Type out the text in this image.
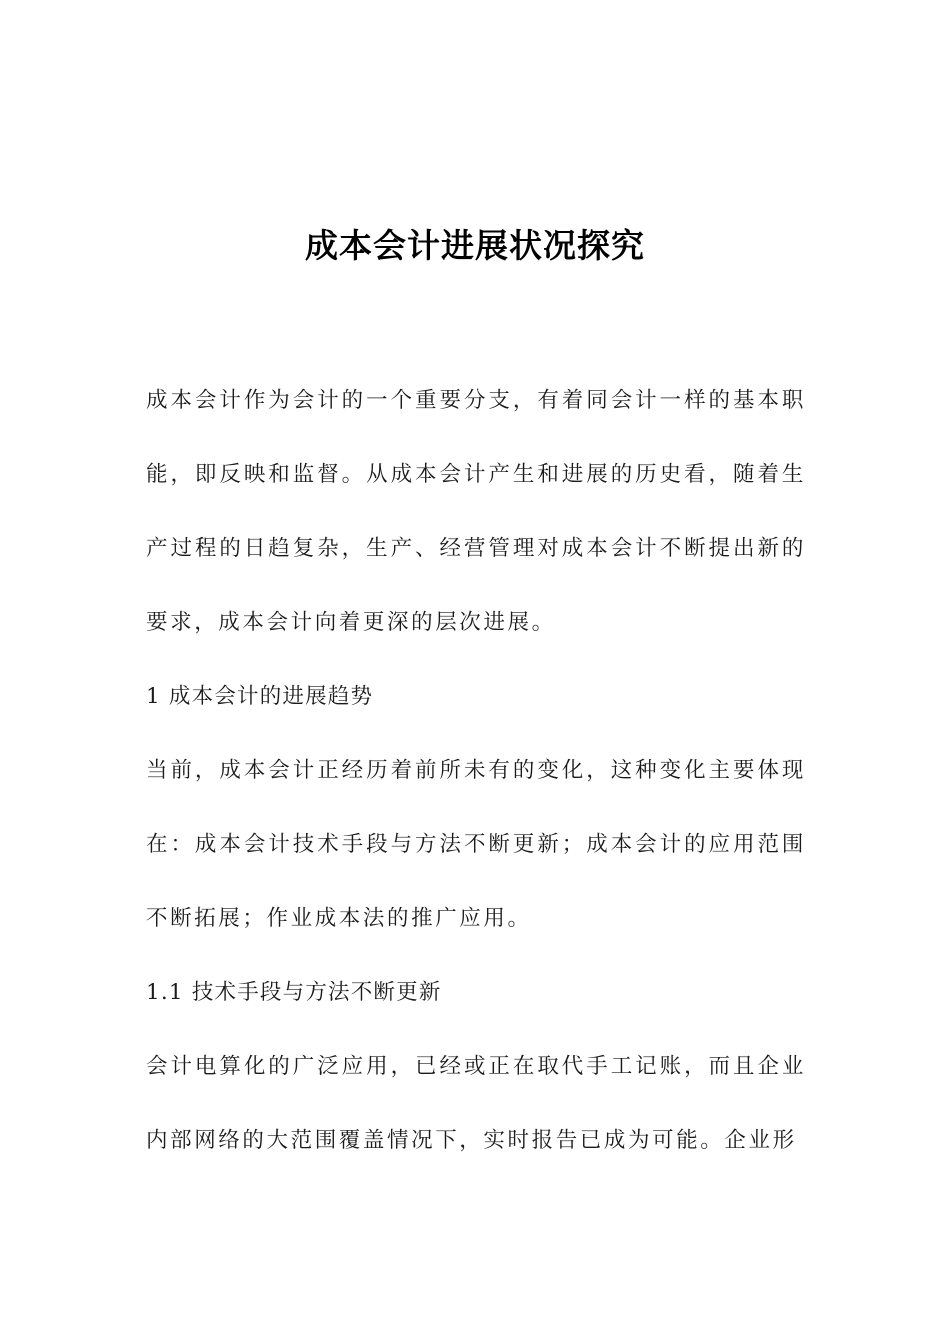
成本会计进展状况探究

成本会计作为会计的一个重要分支，有着同会计一样的基本职能，即反映和监督。从成本会计产生和进展的历史看，随着生产过程的日趋复杂，生产、经营管理对成本会计不断提出新的要求，成本会计向着更深的层次进展。

1 成本会计的进展趋势

当前，成本会计正经历着前所未有的变化，这种变化主要体现在：成本会计技术手段与方法不断更新；成本会计的应用范围不断拓展；作业成本法的推广应用。

1.1 技术手段与方法不断更新

会计电算化的广泛应用，已经或正在取代手工记账，而且企业内部网络的大范围覆盖情况下，实时报告已成为可能。企业形
